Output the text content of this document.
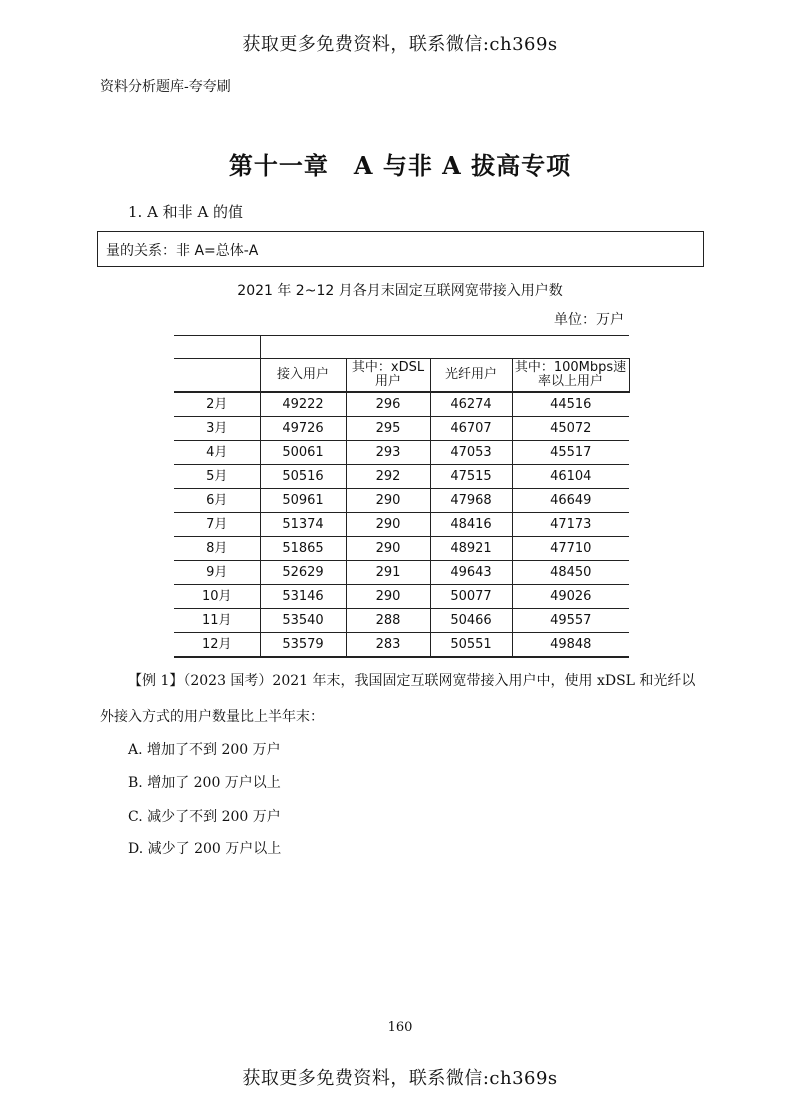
获取更多免费资料，联系微信:ch369s
资料分析题库-夸夸刷
第十一章　A 与非 A 拔高专项
1. A 和非 A 的值
量的关系：非 A=总体-A
2021 年 2~12 月各月末固定互联网宽带接入用户数
单位：万户

	接入用户	其中：xDSL用户	光纤用户	其中：100Mbps速率以上用户
2月	49222	296	46274	44516
3月	49726	295	46707	45072
4月	50061	293	47053	45517
5月	50516	292	47515	46104
6月	50961	290	47968	46649
7月	51374	290	48416	47173
8月	51865	290	48921	47710
9月	52629	291	49643	48450
10月	53146	290	50077	49026
11月	53540	288	50466	49557
12月	53579	283	50551	49848
【例 1】（2023 国考）2021 年末，我国固定互联网宽带接入用户中，使用 xDSL 和光纤以
外接入方式的用户数量比上半年末：
A. 增加了不到 200 万户
B. 增加了 200 万户以上
C. 减少了不到 200 万户
D. 减少了 200 万户以上
160
获取更多免费资料，联系微信:ch369s
